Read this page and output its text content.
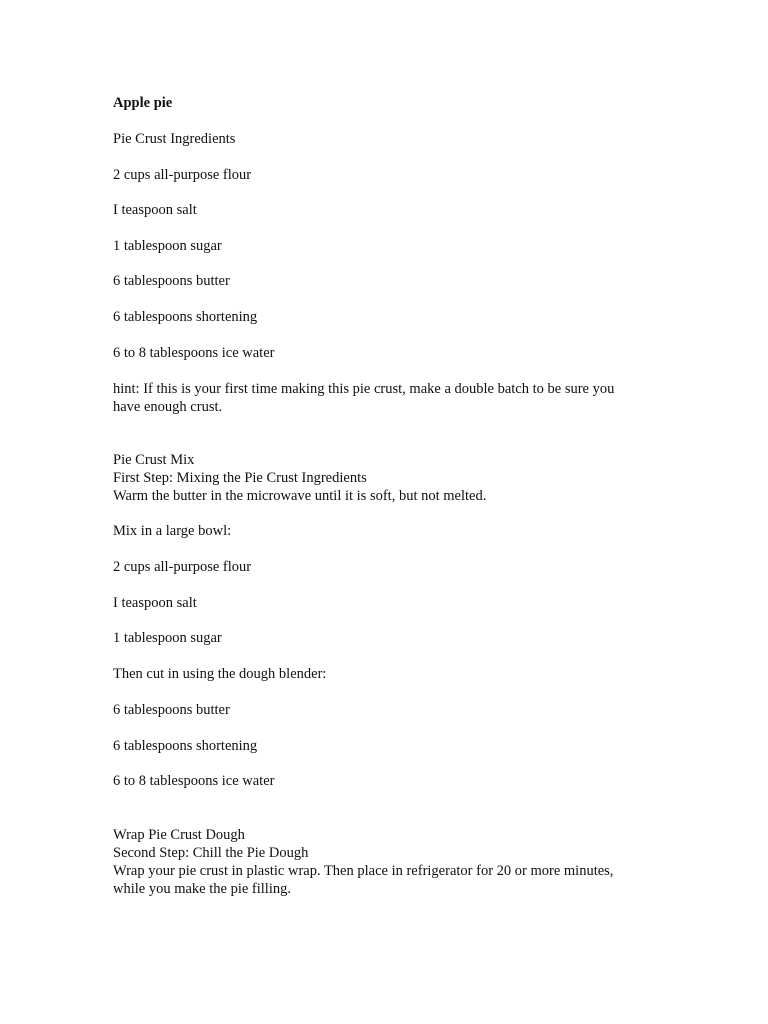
Apple pie
Pie Crust Ingredients
2 cups all-purpose flour
I teaspoon salt
1 tablespoon sugar
6 tablespoons butter
6 tablespoons shortening
6 to 8 tablespoons ice water
hint: If this is your first time making this pie crust, make a double batch to be sure you
have enough crust.
Pie Crust Mix
First Step: Mixing the Pie Crust Ingredients
Warm the butter in the microwave until it is soft, but not melted.
Mix in a large bowl:
2 cups all-purpose flour
I teaspoon salt
1 tablespoon sugar
Then cut in using the dough blender:
6 tablespoons butter
6 tablespoons shortening
6 to 8 tablespoons ice water
Wrap Pie Crust Dough
Second Step: Chill the Pie Dough
Wrap your pie crust in plastic wrap. Then place in refrigerator for 20 or more minutes,
while you make the pie filling.
